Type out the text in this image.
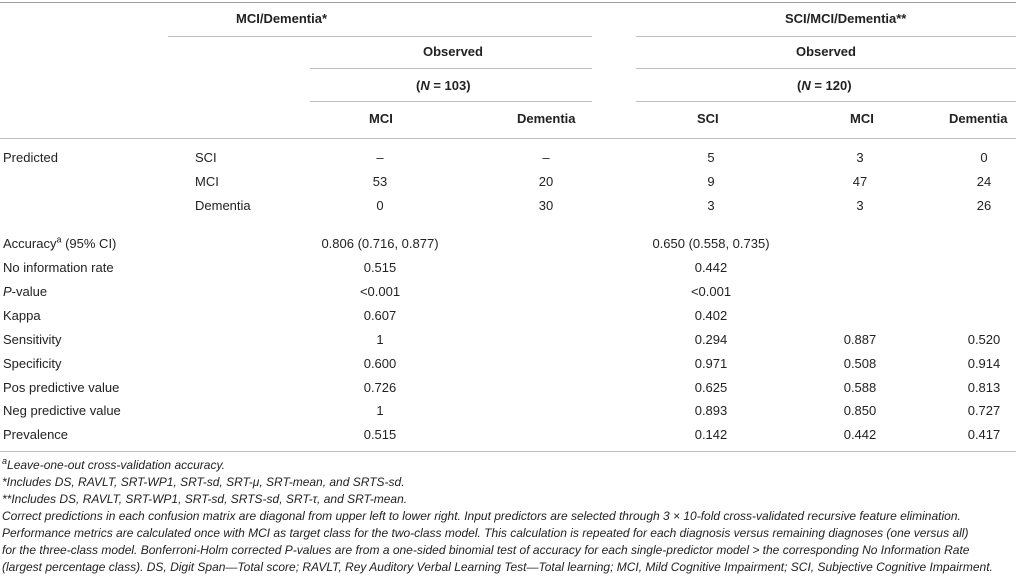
MCI/Dementia*	SCI/MCI/Dementia**
Observed	Observed
(N = 103)	(N = 120)
MCI	Dementia	SCI	MCI	Dementia
Predicted	SCI	–	–	5	3	0
MCI	53	20	9	47	24
Dementia	0	30	3	3	26
Accuracy$^a$ (95% CI)	0.806 (0.716, 0.877)	0.650 (0.558, 0.735)
No information rate	0.515	0.442
P-value	<0.001	<0.001
Kappa	0.607	0.402
Sensitivity	1	0.294	0.887	0.520
Specificity	0.600	0.971	0.508	0.914
Pos predictive value	0.726	0.625	0.588	0.813
Neg predictive value	1	0.893	0.850	0.727
Prevalence	0.515	0.142	0.442	0.417
$^a$Leave-one-out cross-validation accuracy.
*Includes DS, RAVLT, SRT-WP1, SRT-sd, SRT-μ, SRT-mean, and SRTS-sd.
**Includes DS, RAVLT, SRT-WP1, SRT-sd, SRTS-sd, SRT-τ, and SRT-mean.
Correct predictions in each confusion matrix are diagonal from upper left to lower right. Input predictors are selected through 3 × 10-fold cross-validated recursive feature elimination.
Performance metrics are calculated once with MCI as target class for the two-class model. This calculation is repeated for each diagnosis versus remaining diagnoses (one versus all)
for the three-class model. Bonferroni-Holm corrected P-values are from a one-sided binomial test of accuracy for each single-predictor model > the corresponding No Information Rate
(largest percentage class). DS, Digit Span—Total score; RAVLT, Rey Auditory Verbal Learning Test—Total learning; MCI, Mild Cognitive Impairment; SCI, Subjective Cognitive Impairment.
